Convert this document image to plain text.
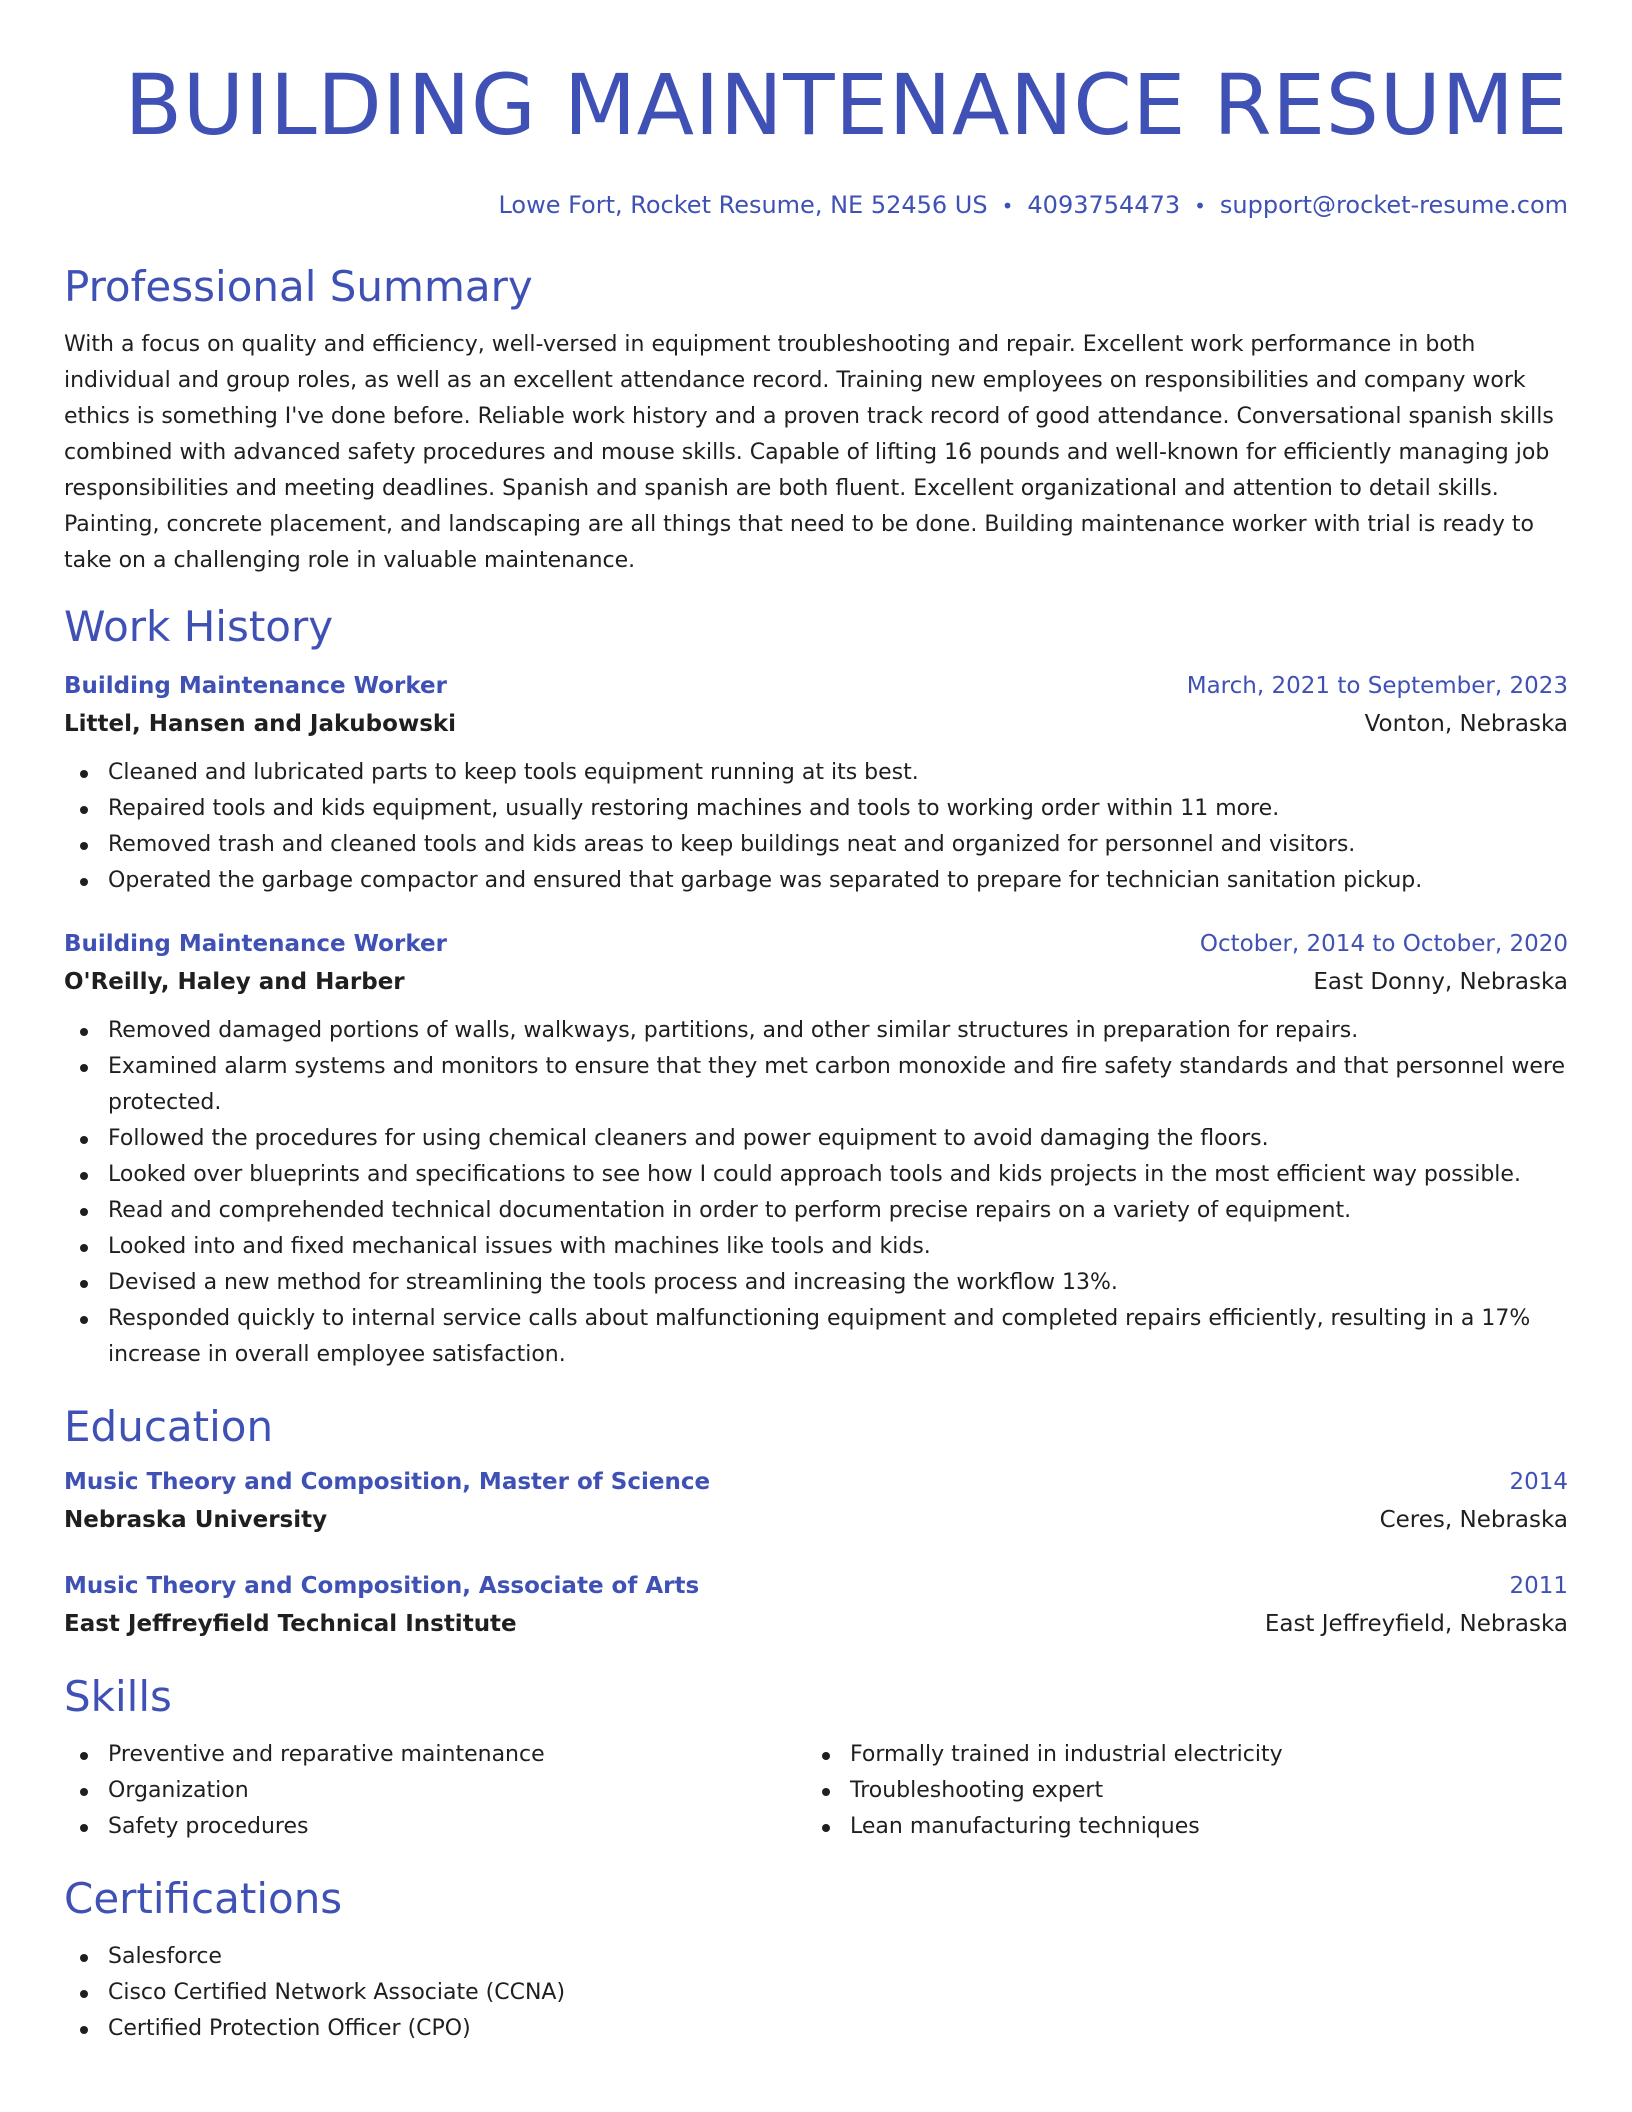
BUILDING MAINTENANCE RESUME
Lowe Fort, Rocket Resume, NE 52456 US • 4093754473 • support@rocket-resume.com
Professional Summary
With a focus on quality and efficiency, well-versed in equipment troubleshooting and repair. Excellent work performance in both individual and group roles, as well as an excellent attendance record. Training new employees on responsibilities and company work ethics is something I've done before. Reliable work history and a proven track record of good attendance. Conversational spanish skills combined with advanced safety procedures and mouse skills. Capable of lifting 16 pounds and well-known for efficiently managing job responsibilities and meeting deadlines. Spanish and spanish are both fluent. Excellent organizational and attention to detail skills. Painting, concrete placement, and landscaping are all things that need to be done. Building maintenance worker with trial is ready to take on a challenging role in valuable maintenance.
Work History
Building Maintenance Worker	March, 2021 to September, 2023
Littel, Hansen and Jakubowski	Vonton, Nebraska
Cleaned and lubricated parts to keep tools equipment running at its best.
Repaired tools and kids equipment, usually restoring machines and tools to working order within 11 more.
Removed trash and cleaned tools and kids areas to keep buildings neat and organized for personnel and visitors.
Operated the garbage compactor and ensured that garbage was separated to prepare for technician sanitation pickup.
Building Maintenance Worker	October, 2014 to October, 2020
O'Reilly, Haley and Harber	East Donny, Nebraska
Removed damaged portions of walls, walkways, partitions, and other similar structures in preparation for repairs.
Examined alarm systems and monitors to ensure that they met carbon monoxide and fire safety standards and that personnel were protected.
Followed the procedures for using chemical cleaners and power equipment to avoid damaging the floors.
Looked over blueprints and specifications to see how I could approach tools and kids projects in the most efficient way possible.
Read and comprehended technical documentation in order to perform precise repairs on a variety of equipment.
Looked into and fixed mechanical issues with machines like tools and kids.
Devised a new method for streamlining the tools process and increasing the workflow 13%.
Responded quickly to internal service calls about malfunctioning equipment and completed repairs efficiently, resulting in a 17% increase in overall employee satisfaction.
Education
Music Theory and Composition, Master of Science	2014
Nebraska University	Ceres, Nebraska
Music Theory and Composition, Associate of Arts	2011
East Jeffreyfield Technical Institute	East Jeffreyfield, Nebraska
Skills
Preventive and reparative maintenance
Organization
Safety procedures
Formally trained in industrial electricity
Troubleshooting expert
Lean manufacturing techniques
Certifications
Salesforce
Cisco Certified Network Associate (CCNA)
Certified Protection Officer (CPO)
